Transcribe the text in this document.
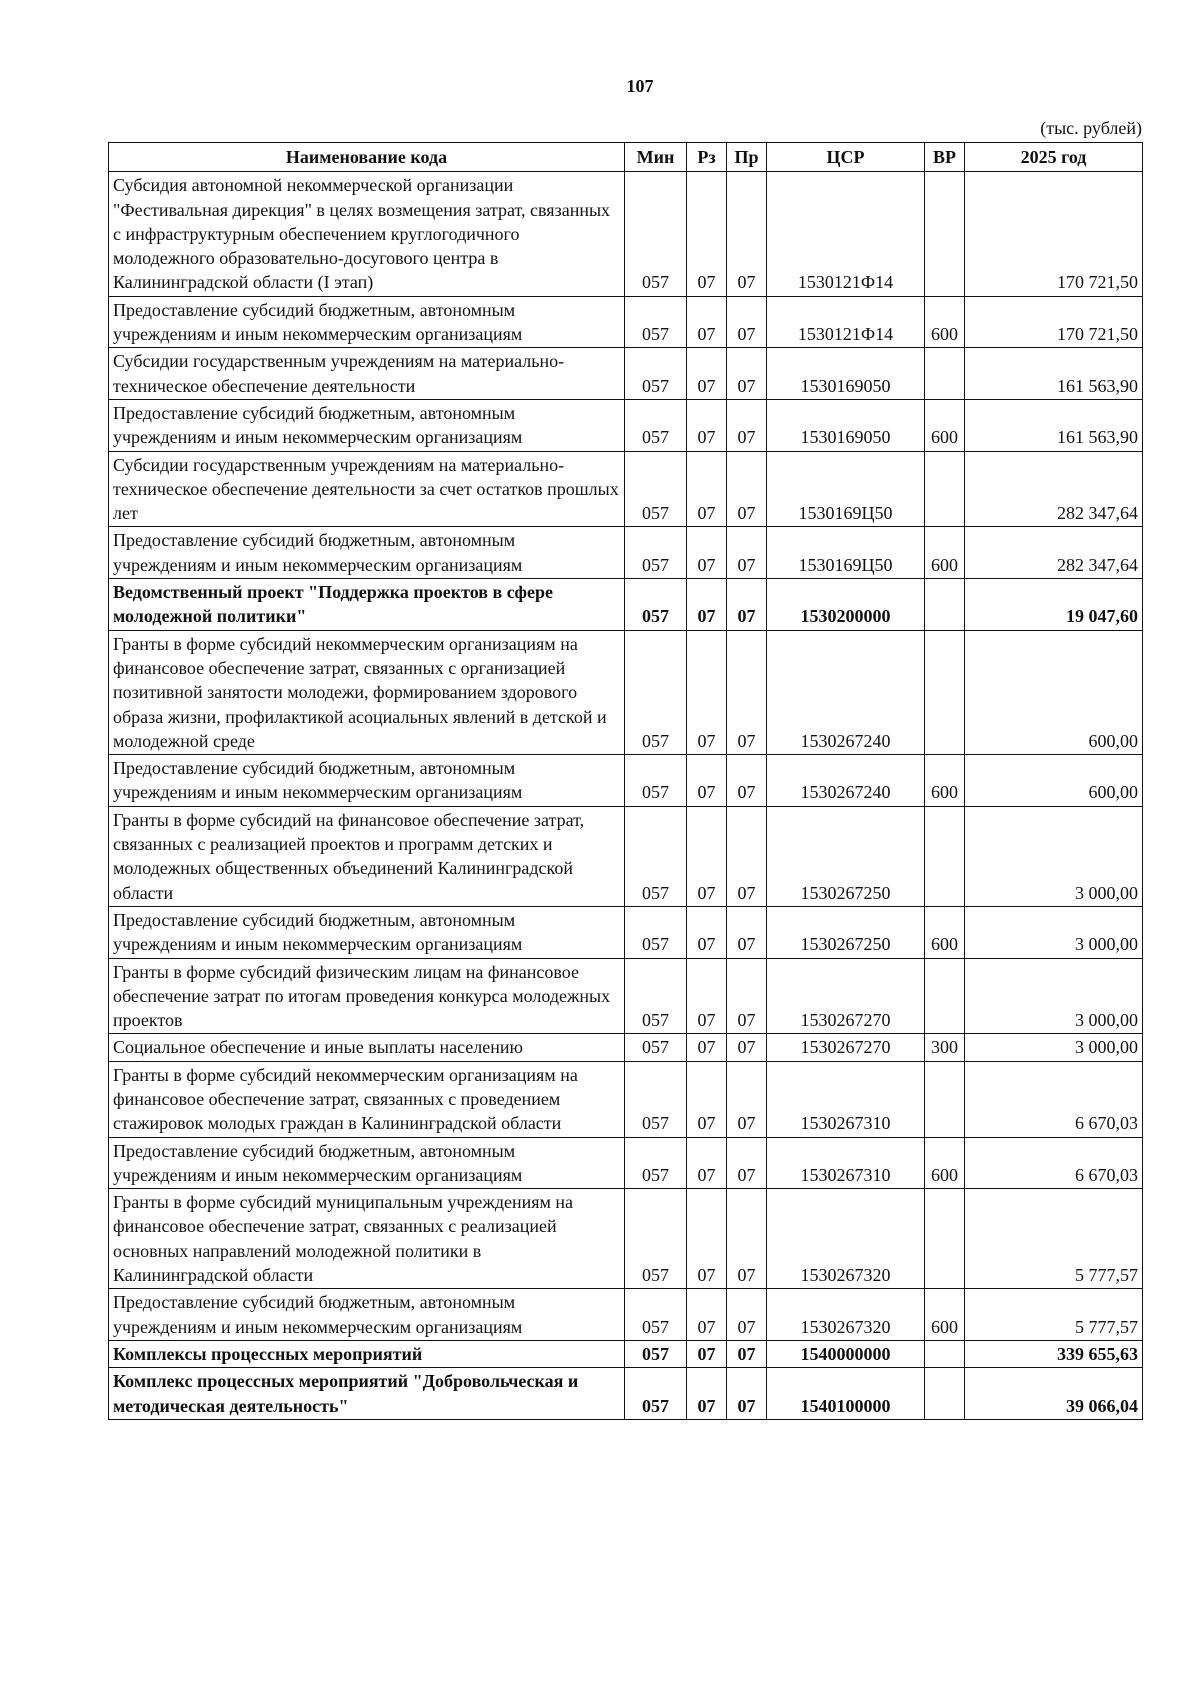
107
(тыс. рублей)
Наименование кода	Мин	Рз	Пр	ЦСР	ВР	2025 год
Субсидия автономной некоммерческой организации "Фестивальная дирекция" в целях возмещения затрат, связанных с инфраструктурным обеспечением круглогодичного молодежного образовательно-досугового центра в Калининградской области (I этап)	057	07	07	1530121Ф14		170 721,50
Предоставление субсидий бюджетным, автономным учреждениям и иным некоммерческим организациям	057	07	07	1530121Ф14	600	170 721,50
Субсидии государственным учреждениям на материально-техническое обеспечение деятельности	057	07	07	1530169050		161 563,90
Предоставление субсидий бюджетным, автономным учреждениям и иным некоммерческим организациям	057	07	07	1530169050	600	161 563,90
Субсидии государственным учреждениям на материально-техническое обеспечение деятельности за счет остатков прошлых лет	057	07	07	1530169Ц50		282 347,64
Предоставление субсидий бюджетным, автономным учреждениям и иным некоммерческим организациям	057	07	07	1530169Ц50	600	282 347,64
Ведомственный проект "Поддержка проектов в сфере молодежной политики"	057	07	07	1530200000		19 047,60
Гранты в форме субсидий некоммерческим организациям на финансовое обеспечение затрат, связанных с организацией позитивной занятости молодежи, формированием здорового образа жизни, профилактикой асоциальных явлений в детской и молодежной среде	057	07	07	1530267240		600,00
Предоставление субсидий бюджетным, автономным учреждениям и иным некоммерческим организациям	057	07	07	1530267240	600	600,00
Гранты в форме субсидий на финансовое обеспечение затрат, связанных с реализацией проектов и программ детских и молодежных общественных объединений Калининградской области	057	07	07	1530267250		3 000,00
Предоставление субсидий бюджетным, автономным учреждениям и иным некоммерческим организациям	057	07	07	1530267250	600	3 000,00
Гранты в форме субсидий физическим лицам на финансовое обеспечение затрат по итогам проведения конкурса молодежных проектов	057	07	07	1530267270		3 000,00
Социальное обеспечение и иные выплаты населению	057	07	07	1530267270	300	3 000,00
Гранты в форме субсидий некоммерческим организациям на финансовое обеспечение затрат, связанных с проведением стажировок молодых граждан в Калининградской области	057	07	07	1530267310		6 670,03
Предоставление субсидий бюджетным, автономным учреждениям и иным некоммерческим организациям	057	07	07	1530267310	600	6 670,03
Гранты в форме субсидий муниципальным учреждениям на финансовое обеспечение затрат, связанных с реализацией основных направлений молодежной политики в Калининградской области	057	07	07	1530267320		5 777,57
Предоставление субсидий бюджетным, автономным учреждениям и иным некоммерческим организациям	057	07	07	1530267320	600	5 777,57
Комплексы процессных мероприятий	057	07	07	1540000000		339 655,63
Комплекс процессных мероприятий "Добровольческая и методическая деятельность"	057	07	07	1540100000		39 066,04
